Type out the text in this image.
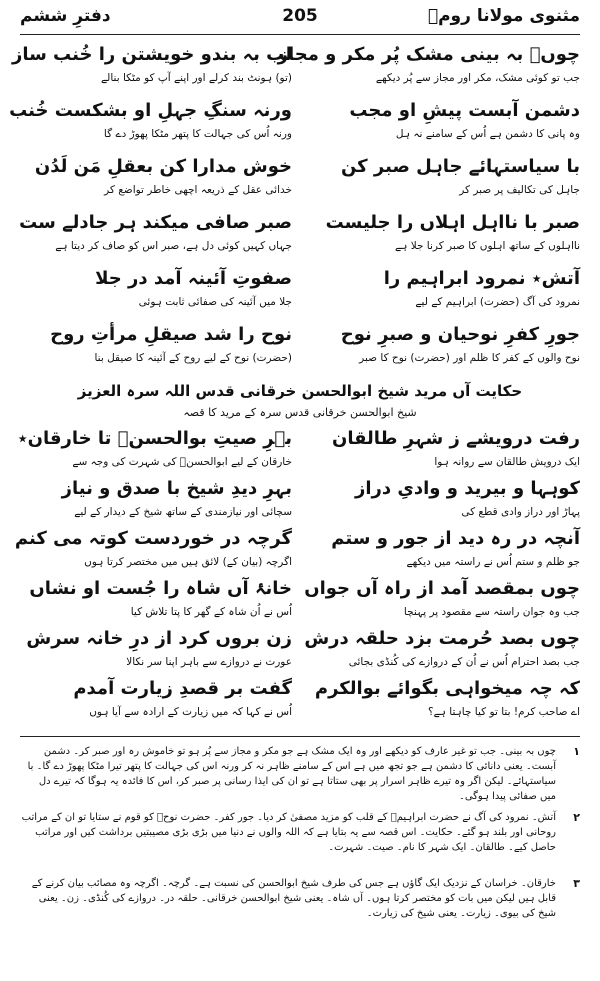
مثنوی مولانا رومؒ
205
دفترِ ششم
چوںؒ بہ بینی مشک پُر مکر و مجاز
لب بہ بندو خویشتن را خُنب ساز
جب تو کوئی مشک، مکر اور مجاز سے پُر دیکھے
(تو) ہونٹ بند کرلے اور اپنے آپ کو مٹکا بنالے
دشمن آبست پیشِ او مجب
ورنہ سنگِ جہلِ او بشکست خُنب
وہ پانی کا دشمن ہے اُس کے سامنے نہ ہل
ورنہ اُس کی جہالت کا پتھر مٹکا پھوڑ دے گا
با سیاستہائے جاہل صبر کن
خوش مدارا کن بعقلِ مَن لَدُن
جاہل کی تکالیف پر صبر کر
خدائی عقل کے ذریعہ اچھی خاطر تواضع کر
صبر با نااہل اہلاں را جلیست
صبر صافی میکند ہر جادلے ست
نااہلوں کے ساتھ اہلوں کا صبر کرنا جلا ہے
جہاں کہیں کوئی دل ہے، صبر اس کو صاف کر دیتا ہے
آتش٭ نمرود ابراہیم را
صفوتِ آئینہ آمد در جلا
نمرود کی آگ (حضرت) ابراہیم کے لیے
جلا میں آئینہ کی صفائی ثابت ہوئی
جورِ کفرِ نوحیان و صبرِ نوح
نوح را شد صیقلِ مرأتِ روح
نوح والوں کے کفر کا ظلم اور (حضرت) نوح کا صبر
(حضرت) نوح کے لیے روح کے آئینہ کا صیقل بنا
حکایت آں مرید شیخ ابوالحسن خرقانی قدس اللہ سرہ العزیز
شیخ ابوالحسن خرقانی قدس سرہ کے مرید کا قصہ
رفت درویشے ز شہرِ طالقان
بہرِ صیتِ بوالحسنؒ تا خارقان٭
ایک درویش طالقان سے روانہ ہوا
خارقان کے لیے ابوالحسنؒ کی شہرت کی وجہ سے
کوہہا و بیرید و وادیِ دراز
بہرِ دیدِ شیخ با صدق و نیاز
پہاڑ اور دراز وادی قطع کی
سچائی اور نیازمندی کے ساتھ شیخ کے دیدار کے لیے
آنچہ در رہ دید از جور و ستم
گرچہ در خوردست کوتہ می کنم
جو ظلم و ستم اُس نے راستہ میں دیکھے
اگرچہ (بیان کے) لائق ہیں میں مختصر کرتا ہوں
چوں بمقصد آمد از راہ آں جواں
خانۂ آں شاہ را جُست او نشاں
جب وہ جوان راستہ سے مقصود پر پہنچا
اُس نے اُن شاہ کے گھر کا پتا تلاش کیا
چوں بصد حُرمت بزد حلقہ درش
زن بروں کرد از درِ خانہ سرش
جب بصد احترام اُس نے اُن کے دروازے کی کُنڈی بجائی
عورت نے دروازے سے باہر اپنا سر نکالا
کہ چہ میخواہی بگوائے بوالکرم
گفت بر قصدِ زیارت آمدم
اے صاحب کرم! بتا تو کیا چاہتا ہے؟
اُس نے کہا کہ میں زیارت کے ارادہ سے آیا ہوں
١
چوں بہ بینی۔ جب تو غیر عارف کو دیکھے اور وہ ایک مشک ہے جو مکر و مجاز سے پُر ہو تو خاموش رہ اور صبر کر۔ دشمن آبست۔ یعنی دانائی کا دشمن ہے جو تجھ میں ہے اس کے سامنے ظاہر نہ کر ورنہ اس کی جہالت کا پتھر تیرا مٹکا پھوڑ دے گا۔ با سیاستہائے۔ لیکن اگر وہ تیرے ظاہر اسرار پر بھی ستاتا ہے تو ان کی ایذا رسانی پر صبر کر، اس کا فائدہ یہ ہوگا کہ تیرے دل میں صفائی پیدا ہوگی۔
٢
آتش۔ نمرود کی آگ نے حضرت ابراہیمؑ کے قلب کو مزید مصفیٰ کر دیا۔ جور کفر۔ حضرت نوحؑ کو قوم نے ستایا تو ان کے مراتب روحانی اور بلند ہو گئے۔ حکایت۔ اس قصہ سے یہ بتایا ہے کہ اللہ والوں نے دنیا میں بڑی بڑی مصیبتیں برداشت کیں اور مراتب حاصل کیے۔ طالقان۔ ایک شہر کا نام۔ صیت۔ شہرت۔
٣
خارقان۔ خراسان کے نزدیک ایک گاؤں ہے جس کی طرف شیخ ابوالحسن کی نسبت ہے۔ گرچہ۔ اگرچہ وہ مصائب بیان کرنے کے قابل ہیں لیکن میں بات کو مختصر کرتا ہوں۔ آں شاہ۔ یعنی شیخ ابوالحسن خرقانی۔ حلقہ در۔ دروازے کی کُنڈی۔ زن۔ یعنی شیخ کی بیوی۔ زیارت۔ یعنی شیخ کی زیارت۔
